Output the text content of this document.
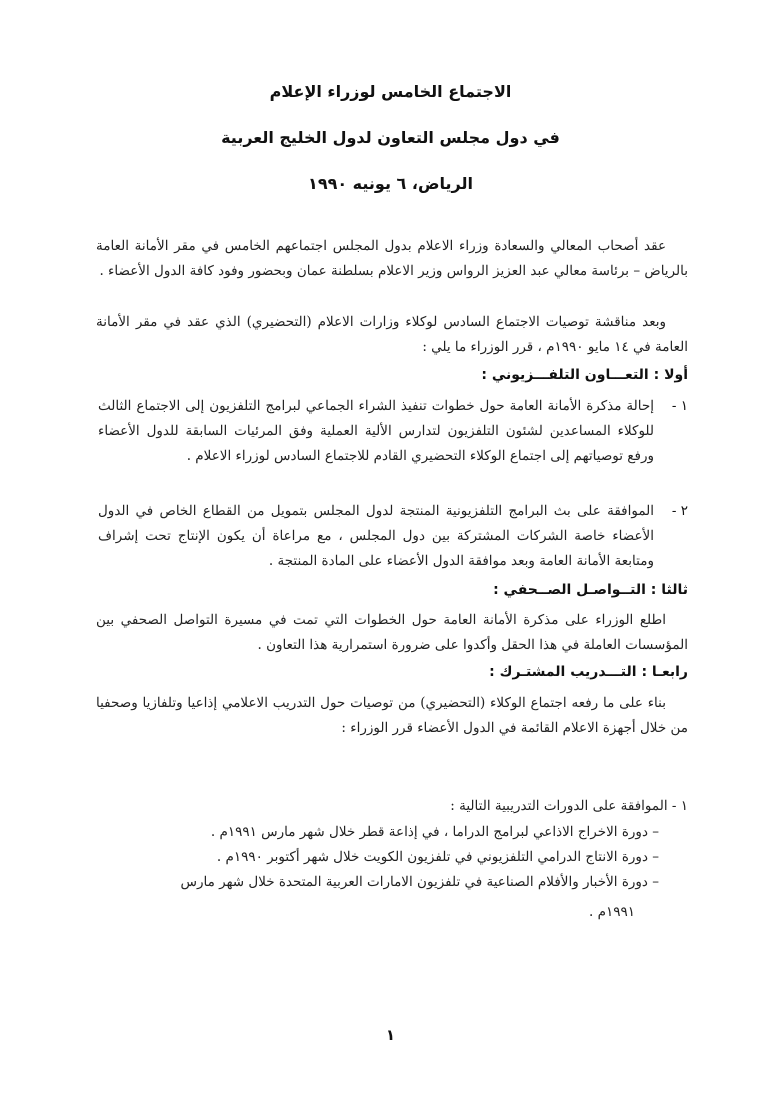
الاجتماع الخامس لوزراء الإعلام
في دول مجلس التعاون لدول الخليج العربية
الرياض، ٦ يونيه ١٩٩٠
عقد أصحاب المعالي والسعادة وزراء الاعلام بدول المجلس اجتماعهم الخامس في مقر الأمانة العامة بالرياض – برئاسة معالي عبد العزيز الرواس وزير الاعلام بسلطنة عمان وبحضور وفود كافة الدول الأعضاء .
وبعد مناقشة توصيات الاجتماع السادس لوكلاء وزارات الاعلام (التحضيري) الذي عقد في مقر الأمانة العامة في ١٤ مايو ١٩٩٠م ، قرر الوزراء ما يلي :
أولا : التعـــاون التلفـــزيوني :
١ -
إحالة مذكرة الأمانة العامة حول خطوات تنفيذ الشراء الجماعي لبرامج التلفزيون إلى الاجتماع الثالث للوكلاء المساعدين لشئون التلفزيون لتدارس الألية العملية وفق المرئيات السابقة للدول الأعضاء ورفع توصياتهم إلى اجتماع الوكلاء التحضيري القادم للاجتماع السادس لوزراء الاعلام .
٢ -
الموافقة على بث البرامج التلفزيونية المنتجة لدول المجلس بتمويل من القطاع الخاص في الدول الأعضاء خاصة الشركات المشتركة بين دول المجلس ، مع مراعاة أن يكون الإنتاج تحت إشراف ومتابعة الأمانة العامة وبعد موافقة الدول الأعضاء على المادة المنتجة .
ثالثا : التــواصـل الصــحفي :
اطلع الوزراء على مذكرة الأمانة العامة حول الخطوات التي تمت في مسيرة التواصل الصحفي بين المؤسسات العاملة في هذا الحقل وأكدوا على ضرورة استمرارية هذا التعاون .
رابعـا : التـــدريب المشتـرك :
بناء على ما رفعه اجتماع الوكلاء (التحضيري) من توصيات حول التدريب الاعلامي إذاعيا وتلفازيا وصحفيا من خلال أجهزة الاعلام القائمة في الدول الأعضاء قرر الوزراء :
١ - الموافقة على الدورات التدريبية التالية :
– دورة الاخراج الاذاعي لبرامج الدراما ، في إذاعة قطر خلال شهر مارس ١٩٩١م .
– دورة الانتاج الدرامي التلفزيوني في تلفزيون الكويت خلال شهر أكتوبر ١٩٩٠م .
– دورة الأخبار والأفلام الصناعية في تلفزيون الامارات العربية المتحدة خلال شهر مارس
١٩٩١م .
١
